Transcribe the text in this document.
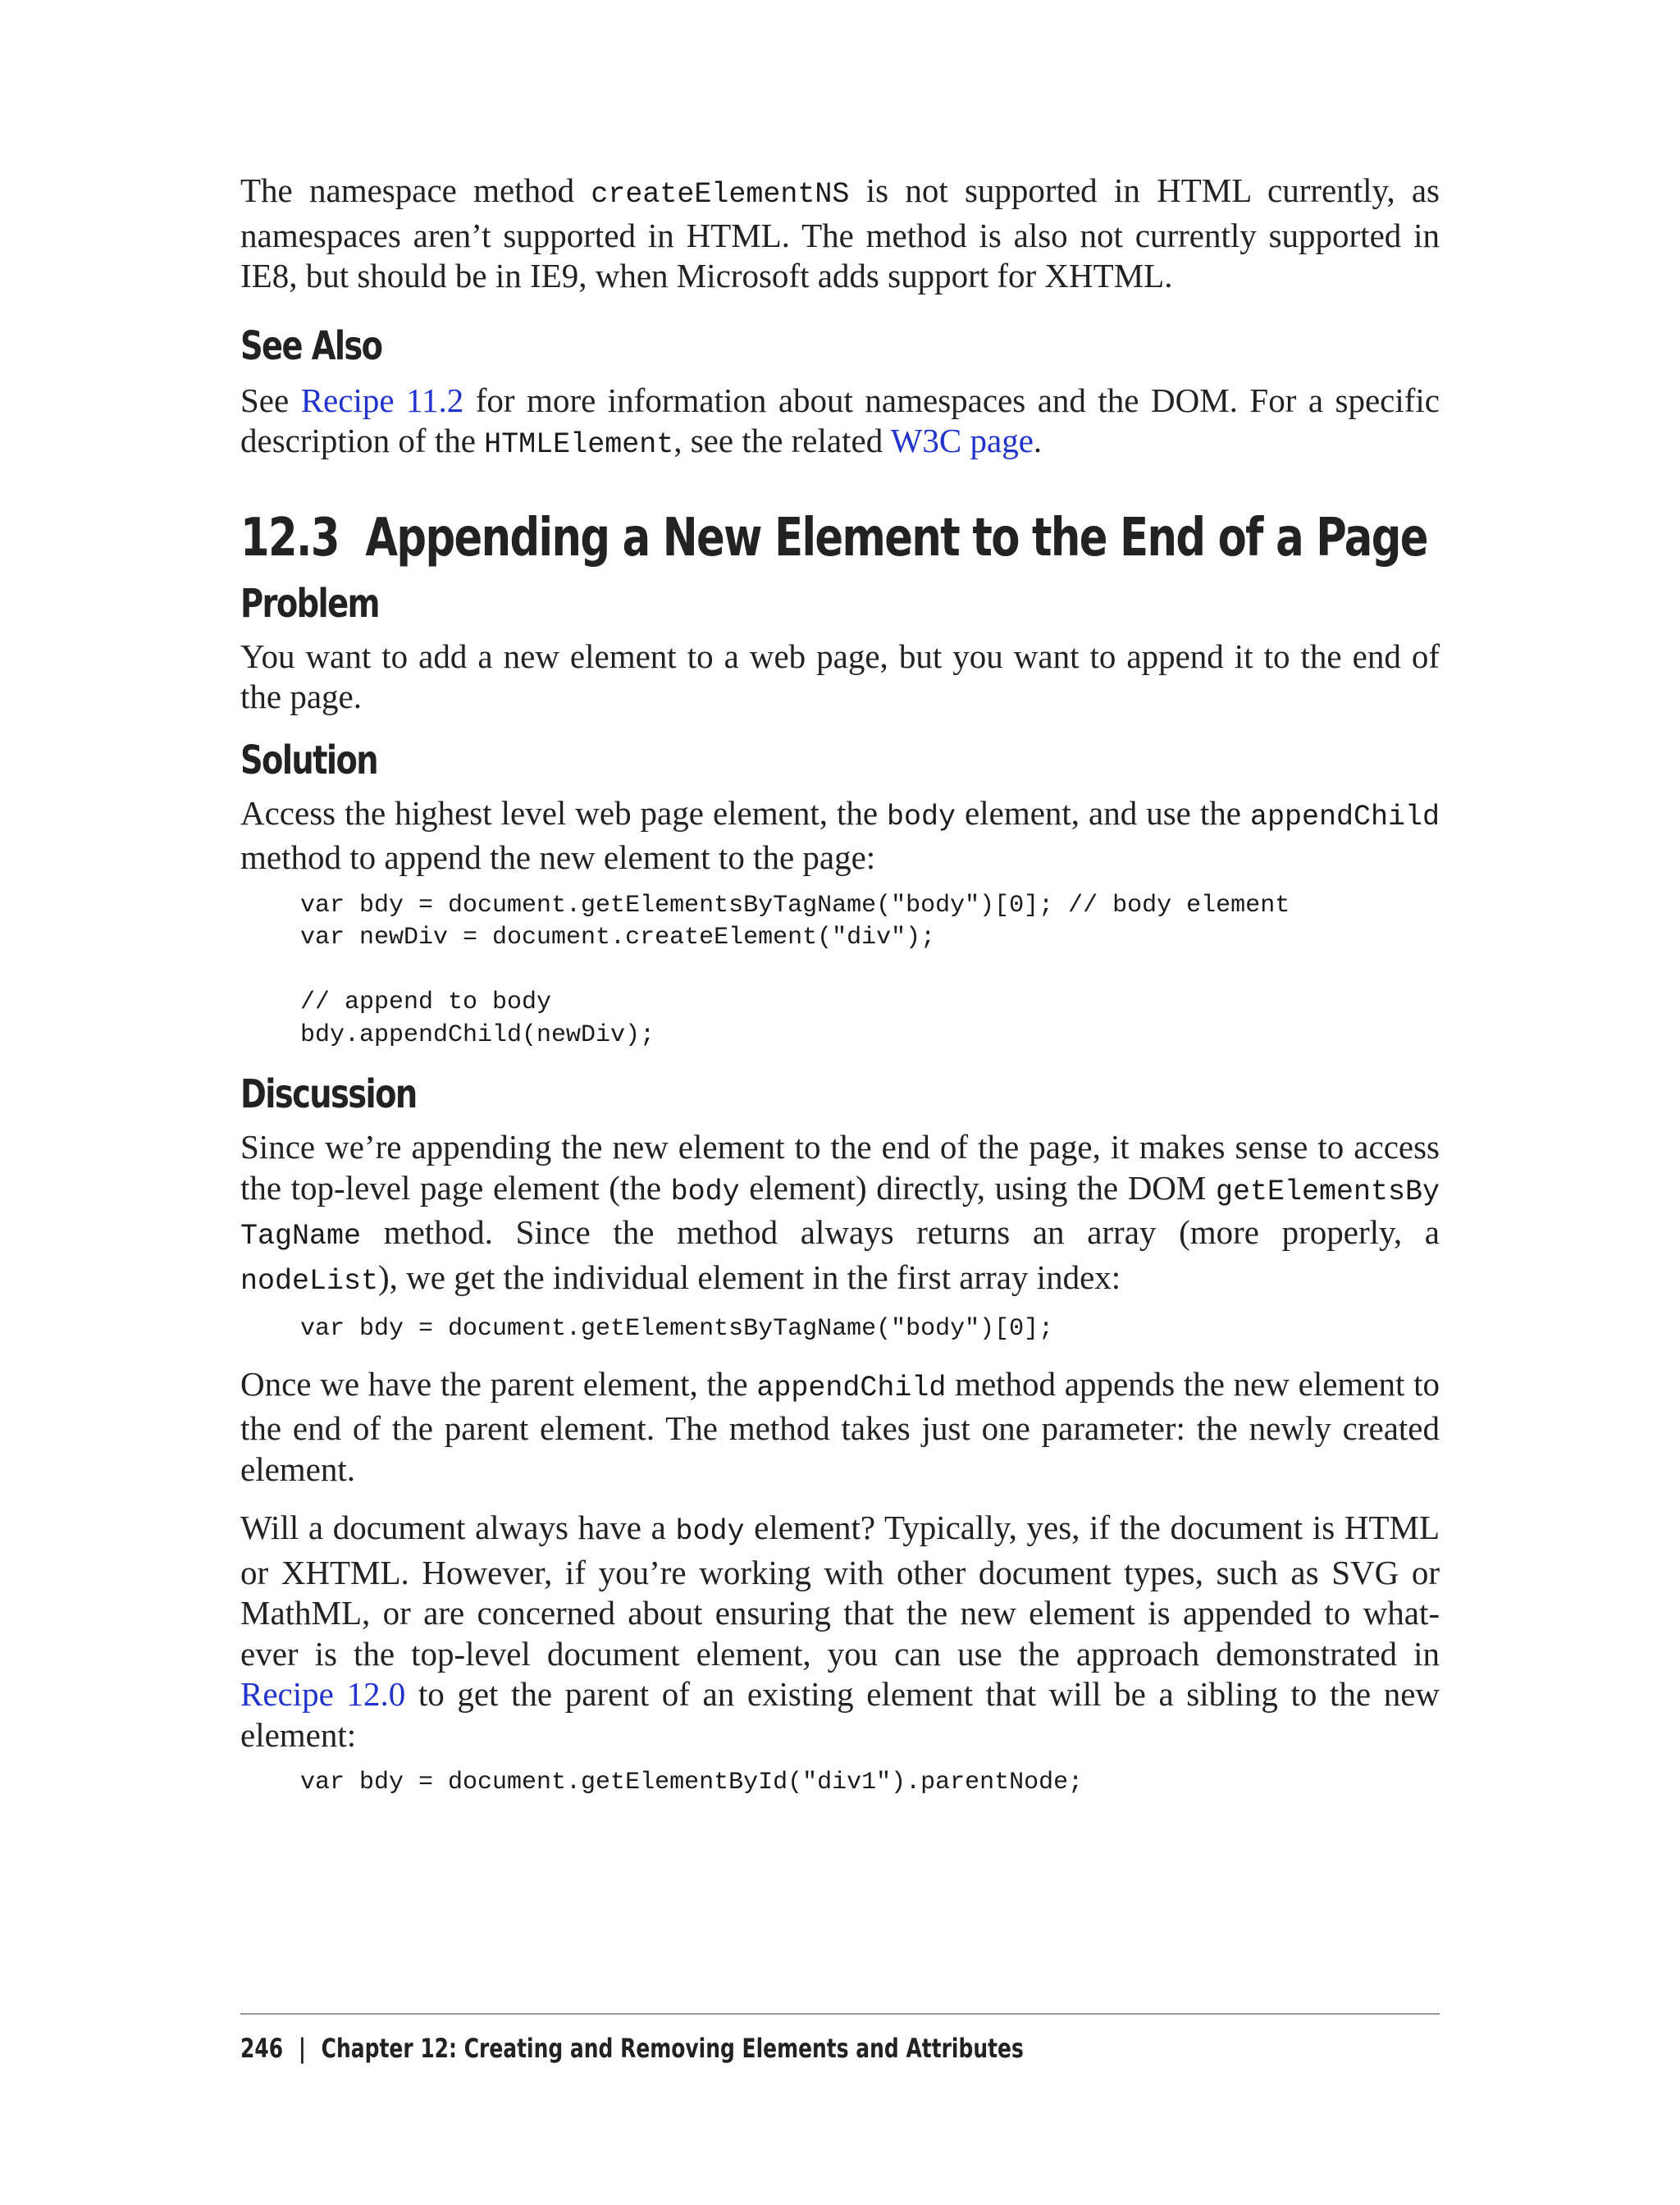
The namespace method createElementNS is not supported in HTML currently, as namespaces aren’t supported in HTML. The method is also not currently supported in IE8, but should be in IE9, when Microsoft adds support for XHTML.

See Also

See Recipe 11.2 for more information about namespaces and the DOM. For a specific description of the HTMLElement, see the related W3C page.

12.3  Appending a New Element to the End of a Page
Problem

You want to add a new element to a web page, but you want to append it to the end of the page.

Solution

Access the highest level web page element, the body element, and use the appendChild method to append the new element to the page:

var bdy = document.getElementsByTagName("body")[0]; // body element
var newDiv = document.createElement("div");

// append to body
bdy.appendChild(newDiv);
Discussion

Since we’re appending the new element to the end of the page, it makes sense to access the top-level page element (the body element) directly, using the DOM getElementsBy TagName method. Since the method always returns an array (more properly, a nodeList), we get the individual element in the first array index:

var bdy = document.getElementsByTagName("body")[0];

Once we have the parent element, the appendChild method appends the new element to the end of the parent element. The method takes just one parameter: the newly created element.

Will a document always have a body element? Typically, yes, if the document is HTML or XHTML. However, if you’re working with other document types, such as SVG or MathML, or are concerned about ensuring that the new element is appended to what‐ever is the top-level document element, you can use the approach demonstrated in Recipe 12.0 to get the parent of an existing element that will be a sibling to the new element:

var bdy = document.getElementById("div1").parentNode;
246 | Chapter 12: Creating and Removing Elements and Attributes
